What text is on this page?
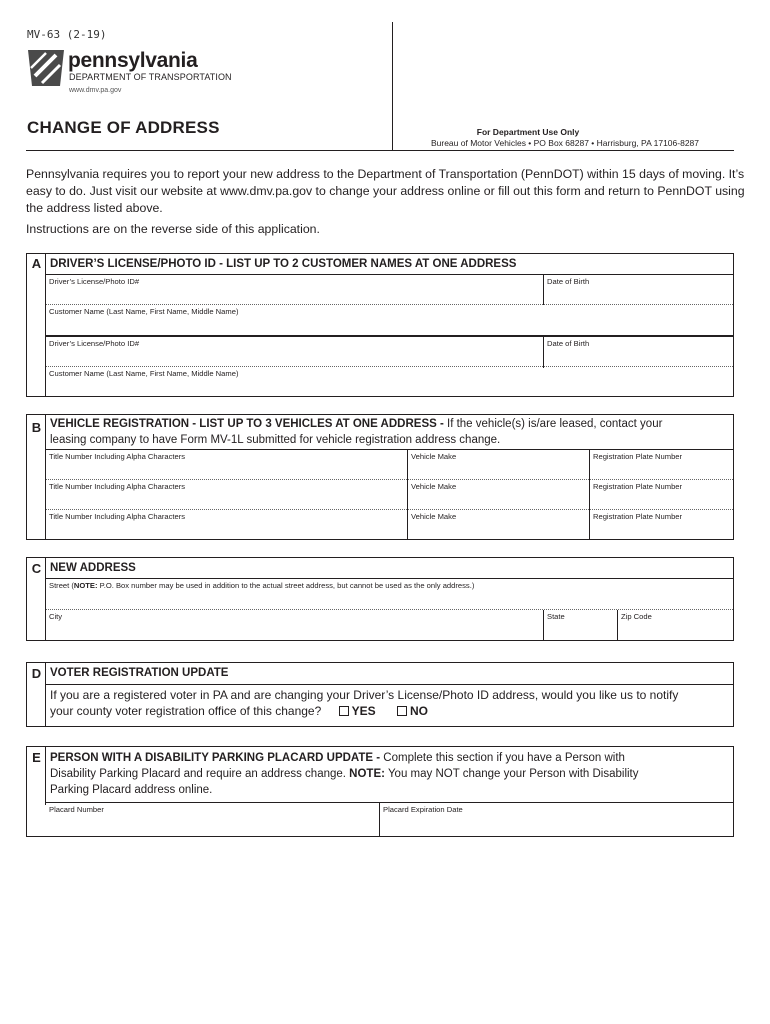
MV-63 (2-19)
pennsylvania
DEPARTMENT OF TRANSPORTATION
www.dmv.pa.gov
CHANGE OF ADDRESS	For Department Use Only
Bureau of Motor Vehicles • PO Box 68287 • Harrisburg, PA 17106-8287
Pennsylvania requires you to report your new address to the Department of Transportation (PennDOT) within 15 days of moving. It’s easy to do. Just visit our website at www.dmv.pa.gov to change your address online or fill out this form and return to PennDOT using the address listed above.
Instructions are on the reverse side of this application.
A DRIVER’S LICENSE/PHOTO ID - LIST UP TO 2 CUSTOMER NAMES AT ONE ADDRESS
Driver’s License/Photo ID#	Date of Birth
Customer Name (Last Name, First Name, Middle Name)
Driver’s License/Photo ID#	Date of Birth
Customer Name (Last Name, First Name, Middle Name)
B VEHICLE REGISTRATION - LIST UP TO 3 VEHICLES AT ONE ADDRESS - If the vehicle(s) is/are leased, contact your
leasing company to have Form MV-1L submitted for vehicle registration address change.
Title Number Including Alpha Characters	Vehicle Make	Registration Plate Number
Title Number Including Alpha Characters	Vehicle Make	Registration Plate Number
Title Number Including Alpha Characters	Vehicle Make	Registration Plate Number
C NEW ADDRESS
Street (NOTE: P.O. Box number may be used in addition to the actual street address, but cannot be used as the only address.)
City	State	Zip Code
D VOTER REGISTRATION UPDATE
If you are a registered voter in PA and are changing your Driver’s License/Photo ID address, would you like us to notify
your county voter registration office of this change?	YES	NO
E PERSON WITH A DISABILITY PARKING PLACARD UPDATE - Complete this section if you have a Person with
Disability Parking Placard and require an address change. NOTE: You may NOT change your Person with Disability
Parking Placard address online.
Placard Number	Placard Expiration Date
